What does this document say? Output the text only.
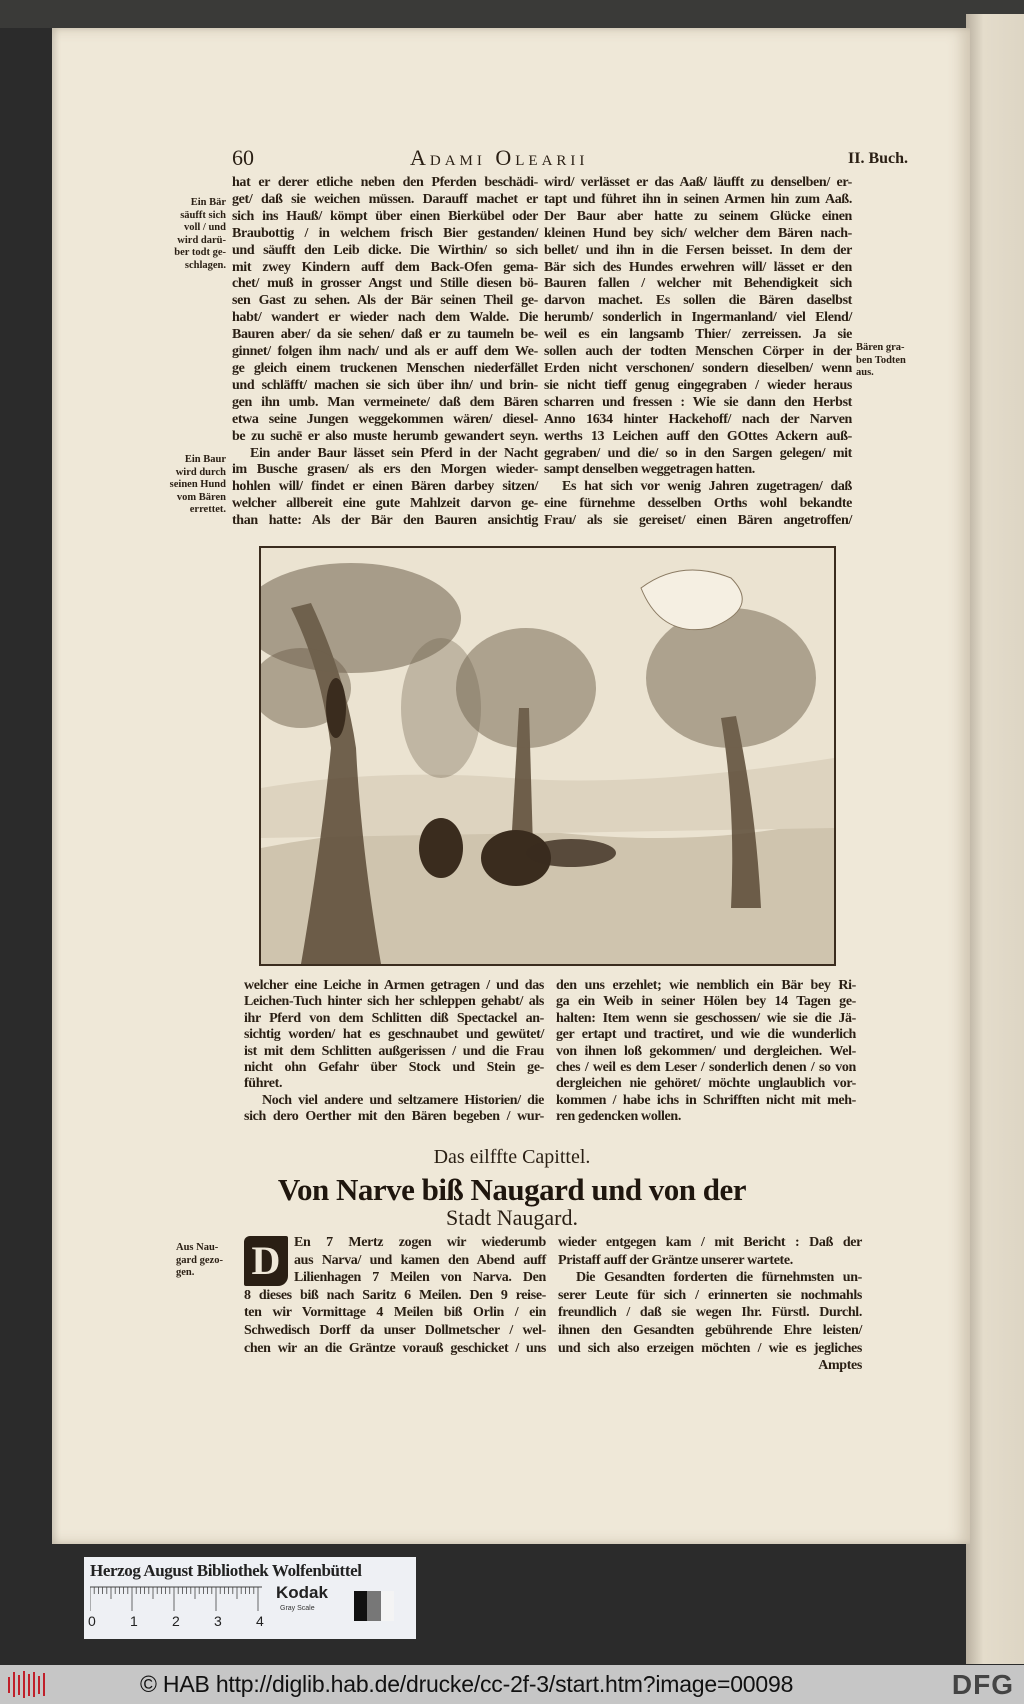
60	Adami Olearii	II. Buch.
hat er derer etliche neben den Pferden beschädi-
get/ daß sie weichen müssen. Darauff machet er
sich ins Hauß/ kömpt über einen Bierkübel oder
Braubottig / in welchem frisch Bier gestanden/
und säufft den Leib dicke. Die Wirthin/ so sich
mit zwey Kindern auff dem Back-Ofen gema-
chet/ muß in grosser Angst und Stille diesen bö-
sen Gast zu sehen. Als der Bär seinen Theil ge-
habt/ wandert er wieder nach dem Walde. Die
Bauren aber/ da sie sehen/ daß er zu taumeln be-
ginnet/ folgen ihm nach/ und als er auff dem We-
ge gleich einem truckenen Menschen niederfället
und schläfft/ machen sie sich über ihn/ und brin-
gen ihn umb. Man vermeinete/ daß dem Bären
etwa seine Jungen weggekommen wären/ diesel-
be zu suchē er also muste herumb gewandert seyn.
Ein ander Baur lässet sein Pferd in der Nacht
im Busche grasen/ als ers den Morgen wieder-
hohlen will/ findet er einen Bären darbey sitzen/
welcher allbereit eine gute Mahlzeit darvon ge-
than hatte: Als der Bär den Bauren ansichtig
wird/ verlässet er das Aaß/ läufft zu denselben/ er-
tapt und führet ihn in seinen Armen hin zum Aaß.
Der Baur aber hatte zu seinem Glücke einen
kleinen Hund bey sich/ welcher dem Bären nach-
bellet/ und ihn in die Fersen beisset. In dem der
Bär sich des Hundes erwehren will/ lässet er den
Bauren fallen / welcher mit Behendigkeit sich
darvon machet. Es sollen die Bären daselbst
herumb/ sonderlich in Ingermanland/ viel Elend/
weil es ein langsamb Thier/ zerreissen. Ja sie
sollen auch der todten Menschen Cörper in der
Erden nicht verschonen/ sondern dieselben/ wenn
sie nicht tieff genug eingegraben / wieder heraus
scharren und fressen : Wie sie dann den Herbst
Anno 1634 hinter Hackehoff/ nach der Narven
werths 13 Leichen auff den GOttes Ackern auß-
gegraben/ und die/ so in den Sargen gelegen/ mit
sampt denselben weggetragen hatten.
Es hat sich vor wenig Jahren zugetragen/ daß
eine fürnehme desselben Orths wohl bekandte
Frau/ als sie gereiset/ einen Bären angetroffen/
Ein Bär
säufft sich
voll / und
wird darü-
ber todt ge-
schlagen.
Ein Baur
wird durch
seinen Hund
vom Bären
errettet.
Bären gra-
ben Todten
aus.
welcher eine Leiche in Armen getragen / und das
Leichen-Tuch hinter sich her schleppen gehabt/ als
ihr Pferd von dem Schlitten diß Spectackel an-
sichtig worden/ hat es geschnaubet und gewütet/
ist mit dem Schlitten außgerissen / und die Frau
nicht ohn Gefahr über Stock und Stein ge-
führet.
Noch viel andere und seltzamere Historien/ die
sich dero Oerther mit den Bären begeben / wur-
den uns erzehlet; wie nemblich ein Bär bey Ri-
ga ein Weib in seiner Hölen bey 14 Tagen ge-
halten: Item wenn sie geschossen/ wie sie die Jä-
ger ertapt und tractiret, und wie die wunderlich
von ihnen loß gekommen/ und dergleichen. Wel-
ches / weil es dem Leser / sonderlich denen / so von
dergleichen nie gehöret/ möchte unglaublich vor-
kommen / habe ichs in Schrifften nicht mit meh-
ren gedencken wollen.
Das eilffte Capittel.
Von Narve biß Naugard und von der
Stadt Naugard.
Aus Nau-
gard gezo-
gen.	D En 7 Mertz zogen wir wiederumb
aus Narva/ und kamen den Abend auff
Lilienhagen 7 Meilen von Narva. Den
8 dieses biß nach Saritz 6 Meilen. Den 9 reise-
ten wir Vormittage 4 Meilen biß Orlin / ein
Schwedisch Dorff da unser Dollmetscher / wel-
chen wir an die Gräntze vorauß geschicket / uns
wieder entgegen kam / mit Bericht : Daß der
Pristaff auff der Gräntze unserer wartete.
Die Gesandten forderten die fürnehmsten un-
serer Leute für sich / erinnerten sie nochmahls
freundlich / daß sie wegen Ihr. Fürstl. Durchl.
ihnen den Gesandten gebührende Ehre leisten/
und sich also erzeigen möchten / wie es jegliches
Amptes
Herzog August Bibliothek Wolfenbüttel
0 1 2 3 4
Kodak
Gray Scale
© HAB http://diglib.hab.de/drucke/cc-2f-3/start.htm?image=00098	DFG
